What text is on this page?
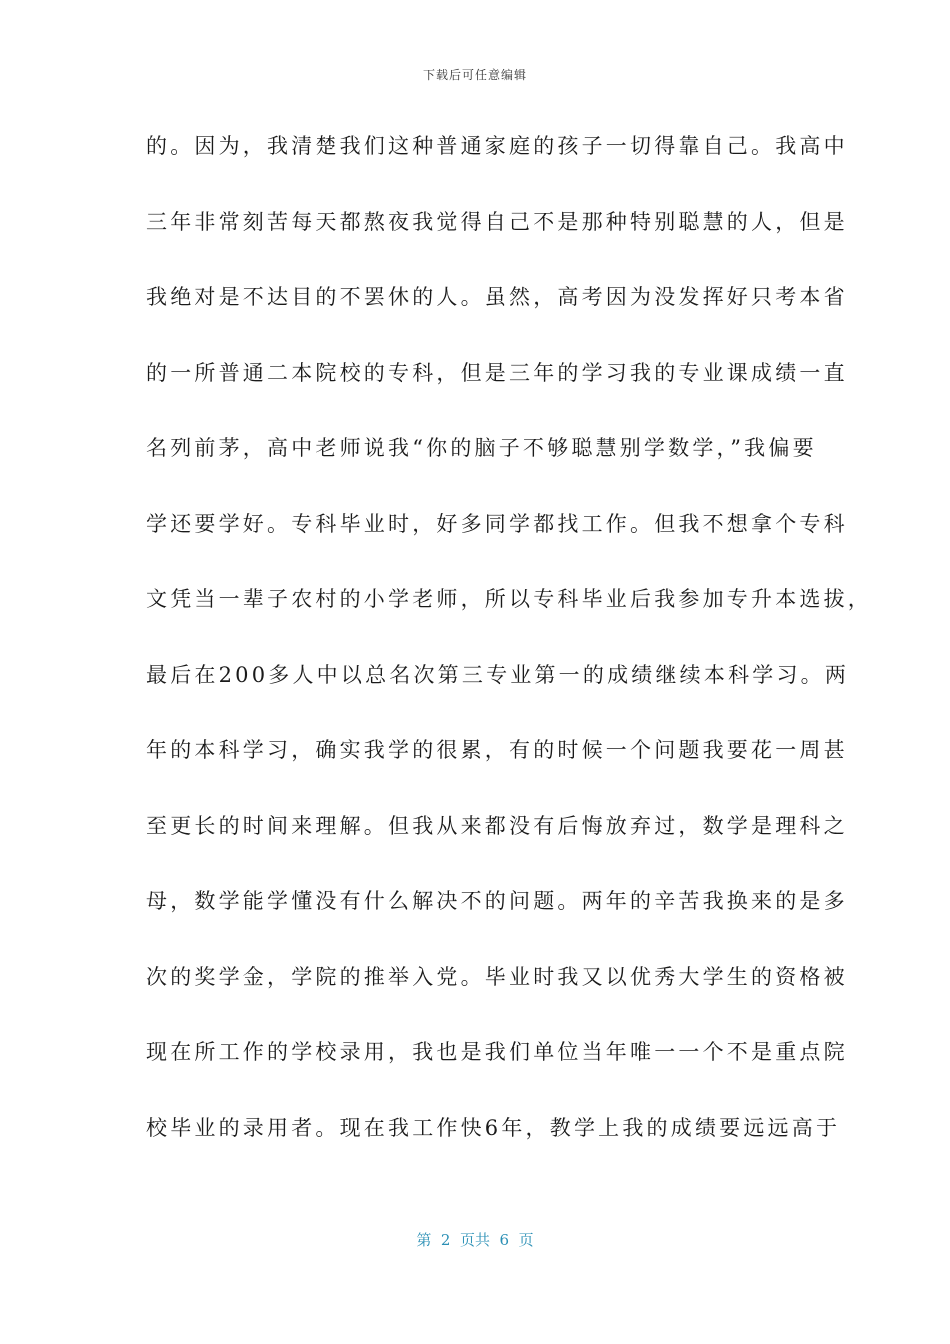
下载后可任意编辑
的。因为，我清楚我们这种普通家庭的孩子一切得靠自己。我高中
三年非常刻苦每天都熬夜我觉得自己不是那种特别聪慧的人，但是
我绝对是不达目的不罢休的人。虽然，高考因为没发挥好只考本省
的一所普通二本院校的专科，但是三年的学习我的专业课成绩一直
名列前茅，高中老师说我“你的脑子不够聪慧别学数学，”我偏要
学还要学好。专科毕业时，好多同学都找工作。但我不想拿个专科
文凭当一辈子农村的小学老师，所以专科毕业后我参加专升本选拔，
最后在200多人中以总名次第三专业第一的成绩继续本科学习。两
年的本科学习，确实我学的很累，有的时候一个问题我要花一周甚
至更长的时间来理解。但我从来都没有后悔放弃过，数学是理科之
母，数学能学懂没有什么解决不的问题。两年的辛苦我换来的是多
次的奖学金，学院的推举入党。毕业时我又以优秀大学生的资格被
现在所工作的学校录用，我也是我们单位当年唯一一个不是重点院
校毕业的录用者。现在我工作快6年，教学上我的成绩要远远高于
第  2  页共  6  页
